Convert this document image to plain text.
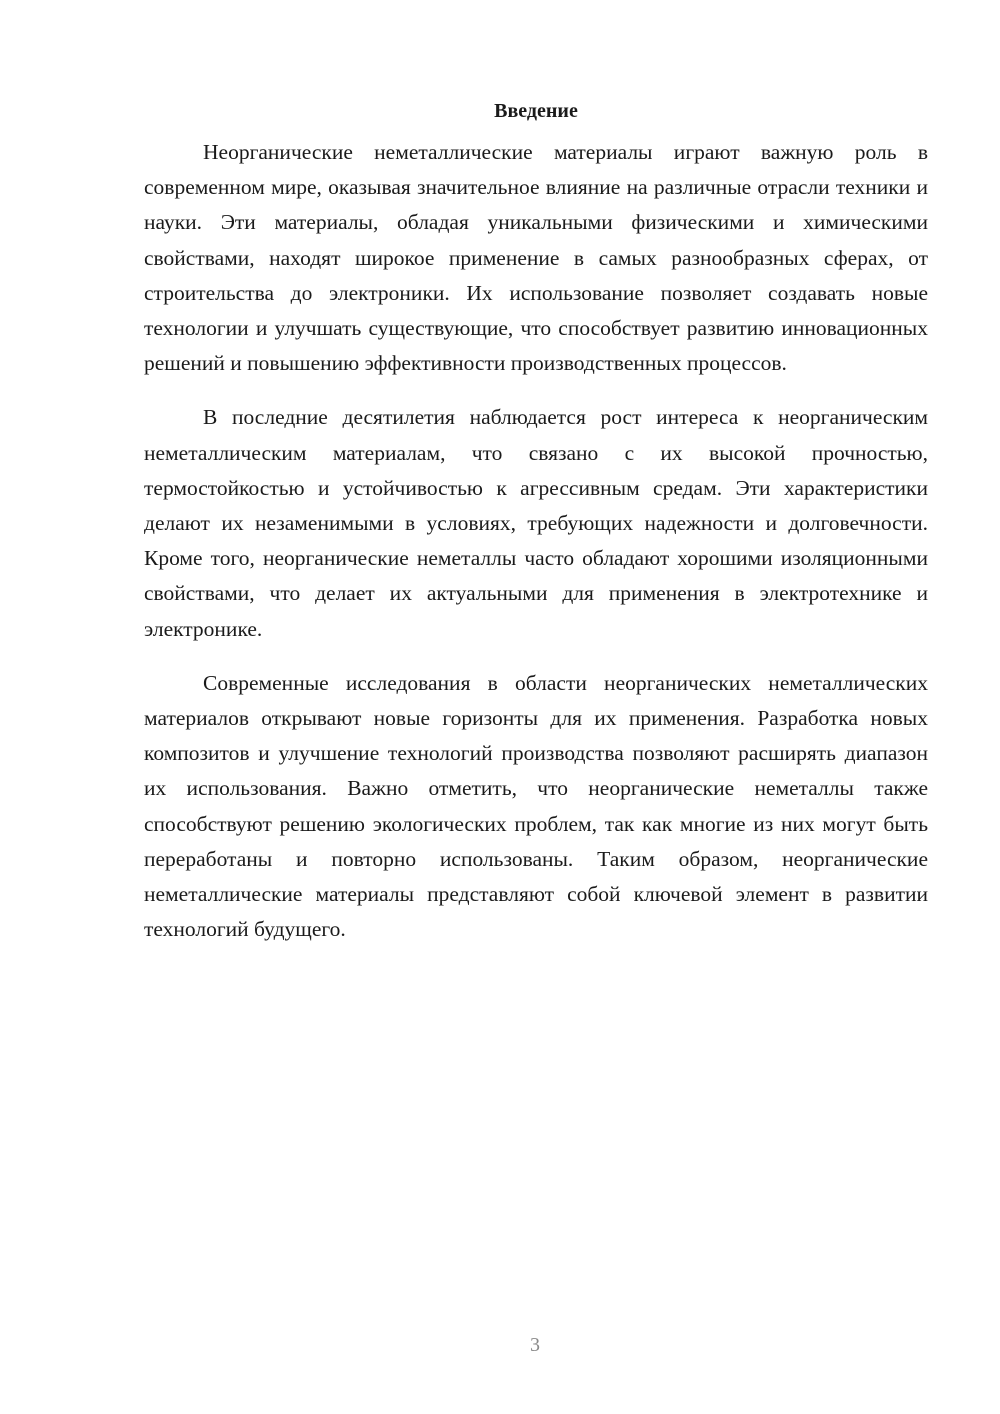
Введение

Неорганические неметаллические материалы играют важную роль в современном мире, оказывая значительное влияние на различные отрасли техники и науки. Эти материалы, обладая уникальными физическими и химическими свойствами, находят широкое применение в самых разнообразных сферах, от строительства до электроники. Их использование позволяет создавать новые технологии и улучшать существующие, что способствует развитию инновационных решений и повышению эффективности производственных процессов.

В последние десятилетия наблюдается рост интереса к неорганическим неметаллическим материалам, что связано с их высокой прочностью, термостойкостью и устойчивостью к агрессивным средам. Эти характеристики делают их незаменимыми в условиях, требующих надежности и долговечности. Кроме того, неорганические неметаллы часто обладают хорошими изоляционными свойствами, что делает их актуальными для применения в электротехнике и электронике.

Современные исследования в области неорганических неметаллических материалов открывают новые горизонты для их применения. Разработка новых композитов и улучшение технологий производства позволяют расширять диапазон их использования. Важно отметить, что неорганические неметаллы также способствуют решению экологических проблем, так как многие из них могут быть переработаны и повторно использованы. Таким образом, неорганические неметаллические материалы представляют собой ключевой элемент в развитии технологий будущего.

3
